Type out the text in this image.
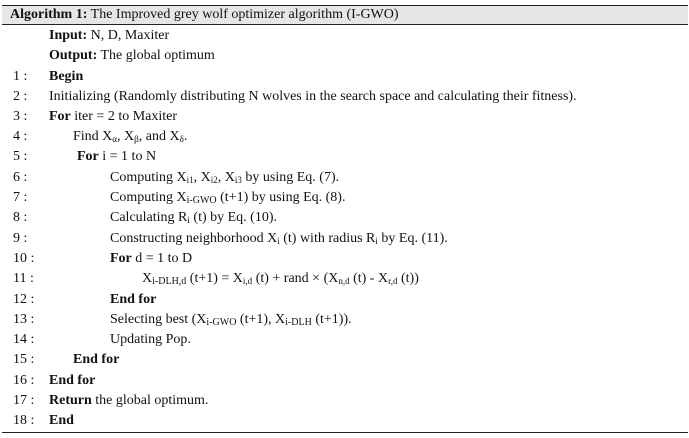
Algorithm 1: The Improved grey wolf optimizer algorithm (I-GWO)
Input: N, D, Maxiter
Output: The global optimum
1 :	Begin
2 :	Initializing (Randomly distributing N wolves in the search space and calculating their fitness).
3 :	For iter = 2 to Maxiter
4 :	Find $X_\alpha$, $X_\beta$, and $X_\delta$.
5 :	For i = 1 to N
6 :	Computing $X_{i1}$, $X_{i2}$, $X_{i3}$ by using Eq. (7).
7 :	Computing $X_{i-GWO}$ (t+1) by using Eq. (8).
8 :	Calculating $R_i$ (t) by Eq. (10).
9 :	Constructing neighborhood $X_i$ (t) with radius $R_i$ by Eq. (11).
10 :	For d = 1 to D
11 :	$X_{i-DLH,d}$ $(t+1) = X_{i,d}$ (t) + rand × ($X_{n,d}$ $(t) - X_{r,d}$ (t))
12 :	End for
13 :	Selecting best ($X_{i-GWO}$ (t+1), $X_{i-DLH}$ (t+1)).
14 :	Updating Pop.
15 :	End for
16 :	End for
17 :	Return the global optimum.
18 :	End
